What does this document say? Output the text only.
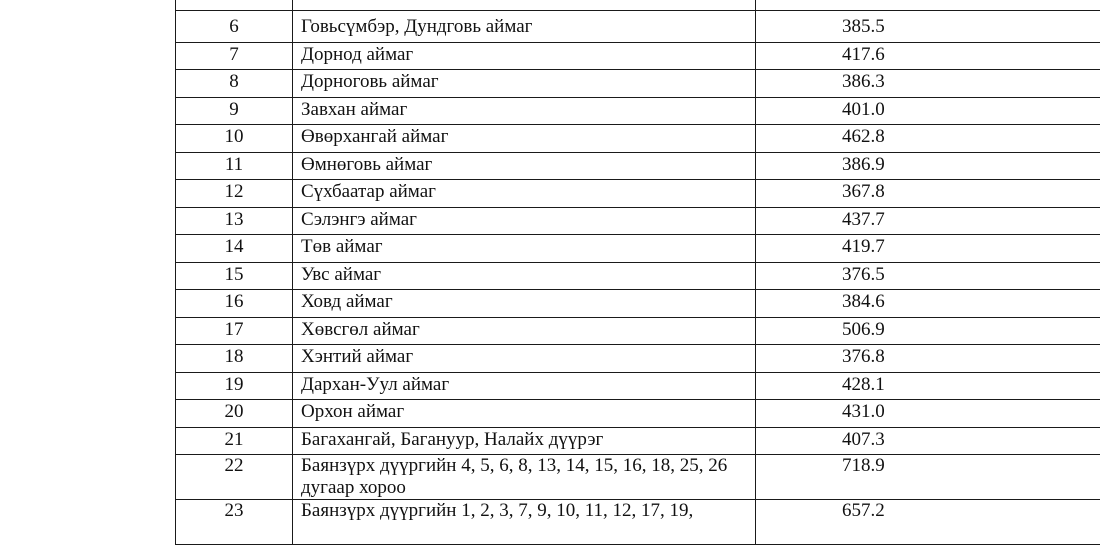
6	Говьсүмбэр, Дундговь аймаг	385.5
7	Дорнод аймаг	417.6
8	Дорноговь аймаг	386.3
9	Завхан аймаг	401.0
10	Өвөрхангай аймаг	462.8
11	Өмнөговь аймаг	386.9
12	Сүхбаатар аймаг	367.8
13	Сэлэнгэ аймаг	437.7
14	Төв аймаг	419.7
15	Увс аймаг	376.5
16	Ховд аймаг	384.6
17	Хөвсгөл аймаг	506.9
18	Хэнтий аймаг	376.8
19	Дархан-Уул аймаг	428.1
20	Орхон аймаг	431.0
21	Багахангай, Багануур, Налайх дүүрэг	407.3
22	Баянзүрх дүүргийн 4, 5, 6, 8, 13, 14, 15, 16, 18, 25, 26 дугаар хороо	718.9
23	Баянзүрх дүүргийн 1, 2, 3, 7, 9, 10, 11, 12, 17, 19,	657.2
